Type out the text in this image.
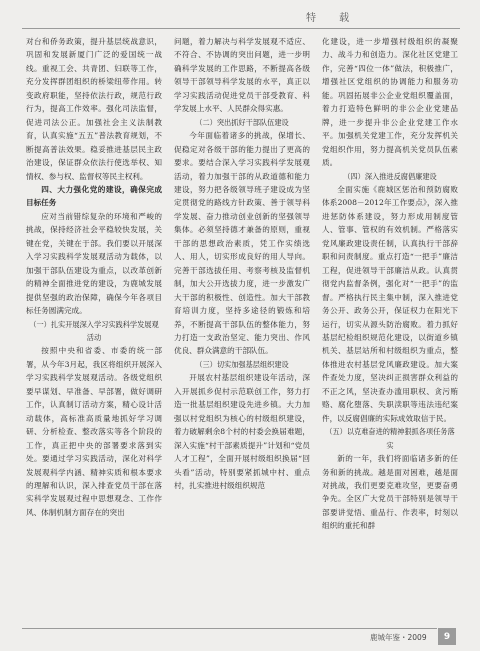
特 载

对台和侨务政策，提升基层统战意识，巩固和发展新厦门广泛的爱国统一战线。重视工会、共青团、妇联等工作，充分发挥群团组织的桥梁纽带作用。转变政府职能，坚持依法行政，规范行政行为，提高工作效率。强化司法监督，促进司法公正。加强社会主义法制教育，认真实施“五五”普法教育规划，不断提高普法效果。稳妥推进基层民主政治建设，保证群众依法行使选举权、知情权、参与权、监督权等民主权利。

四、大力强化党的建设，确保完成目标任务

应对当前错综复杂的环境和严峻的挑战，保持经济社会平稳较快发展，关键在党，关键在于部。我们要以开展深入学习实践科学发展观活动为载体，以加强干部队伍建设为重点，以改革创新的精神全面推进党的建设，为鹿城发展提供坚强的政治保障，确保今年各项目标任务圆满完成。

（一）扎实开展深入学习实践科学发展观活动

按照中央和省委、市委的统一部署，从今年3月起，我区将组织开展深入学习实践科学发展观活动。各级党组织要早谋划、早准备、早部署，做好调研工作，认真制订活动方案，精心设计活动载体，高标准高质量地抓好学习调研、分析检查、整改落实等各个阶段的工作，真正把中央的部署要求落到实处。要通过学习实践活动，深化对科学发展观科学内涵、精神实质和根本要求的理解和认识，深入排查党员干部在落实科学发展观过程中思想观念、工作作风、体制机制方面存在的突出

问题，着力解决与科学发展观不适应、不符合、不协调的突出问题，进一步明确科学发展的工作思路，不断提高各级领导干部领导科学发展的水平，真正以学习实践活动促进党员干部受教育、科学发展上水平、人民群众得实惠。

（二）突出抓好干部队伍建设

今年面临着诸多的挑战，保增长、促稳定对各级干部的能力提出了更高的要求。要结合深入学习实践科学发展观活动，着力加强干部的从政道德和能力建设，努力把各级领导班子建设成为坚定贯彻党的路线方针政策、善于领导科学发展、奋力推动创业创新的坚强领导集体。必须坚持德才兼备的原则，重视干部的思想政治素质，凭工作实绩选人、用人，切实形成良好的用人导向。完善干部选拔任用、考察考核及监督机制，加大公开选拔力度，进一步激发广大干部的积极性、创造性。加大干部教育培训力度，坚持多途径的锻炼和培养，不断提高干部队伍的整体能力，努力打造一支政治坚定、能力突出、作风优良、群众满意的干部队伍。

（三）切实加强基层组织建设

开展农村基层组织建设年活动，深入开展抓乡促村示范联创工作，努力打造一批基层组织建设先进乡镇。大力加强以村党组织为核心的村级组织建设，着力破解剩余8个村的村委会换届难题，深入实施“村干部素质提升”计划和“党员人才工程”，全面开展村级组织换届“回头看”活动，特别要紧抓城中村、重点村，扎实推进村级组织规范

化建设，进一步增强村级组织的凝聚力、战斗力和创造力。深化社区党建工作，完善“四位一体”做法，积极推广，增强社区党组织的协调能力和服务功能。巩固拓展非公企业党组织覆盖面，着力打造特色鲜明的非公企业党建品牌，进一步提升非公企业党建工作水平。加强机关党建工作，充分发挥机关党组织作用，努力提高机关党员队伍素质。

（四）深入推进反腐倡廉建设

全面实施《鹿城区惩治和预防腐败体系2008－2012年工作要点》，深入推进惩防体系建设，努力形成用制度管人、管事、管权的有效机制。严格落实党风廉政建设责任制，认真执行干部辞职和问责制度。重点打造“一把手”廉洁工程，促进领导干部廉洁从政。认真贯彻党内监督条例，强化对“一把手”的监督。严格执行民主集中制，深入推进党务公开、政务公开，保证权力在阳光下运行，切实从源头防治腐败。着力抓好基层纪检组织规范化建设，以街道乡镇机关、基层站所和村级组织为重点，整体推进农村基层党风廉政建设。加大案件查处力度，坚决纠正损害群众利益的不正之风，坚决查办滥用职权、贪污贿赂、腐化堕落、失职渎职等违法违纪案件，以反腐倡廉的实际成效取信于民。

（五）以克难奋进的精神狠抓各项任务落实

新的一年，我们将面临诸多新的任务和新的挑战。越是面对困难，越是面对挑战，我们更要克难攻坚，更要奋勇争先。全区广大党员干部特别是领导干部要讲觉悟、重品行、作表率，时刻以组织的重托和群

鹿城年鉴・2009	9
